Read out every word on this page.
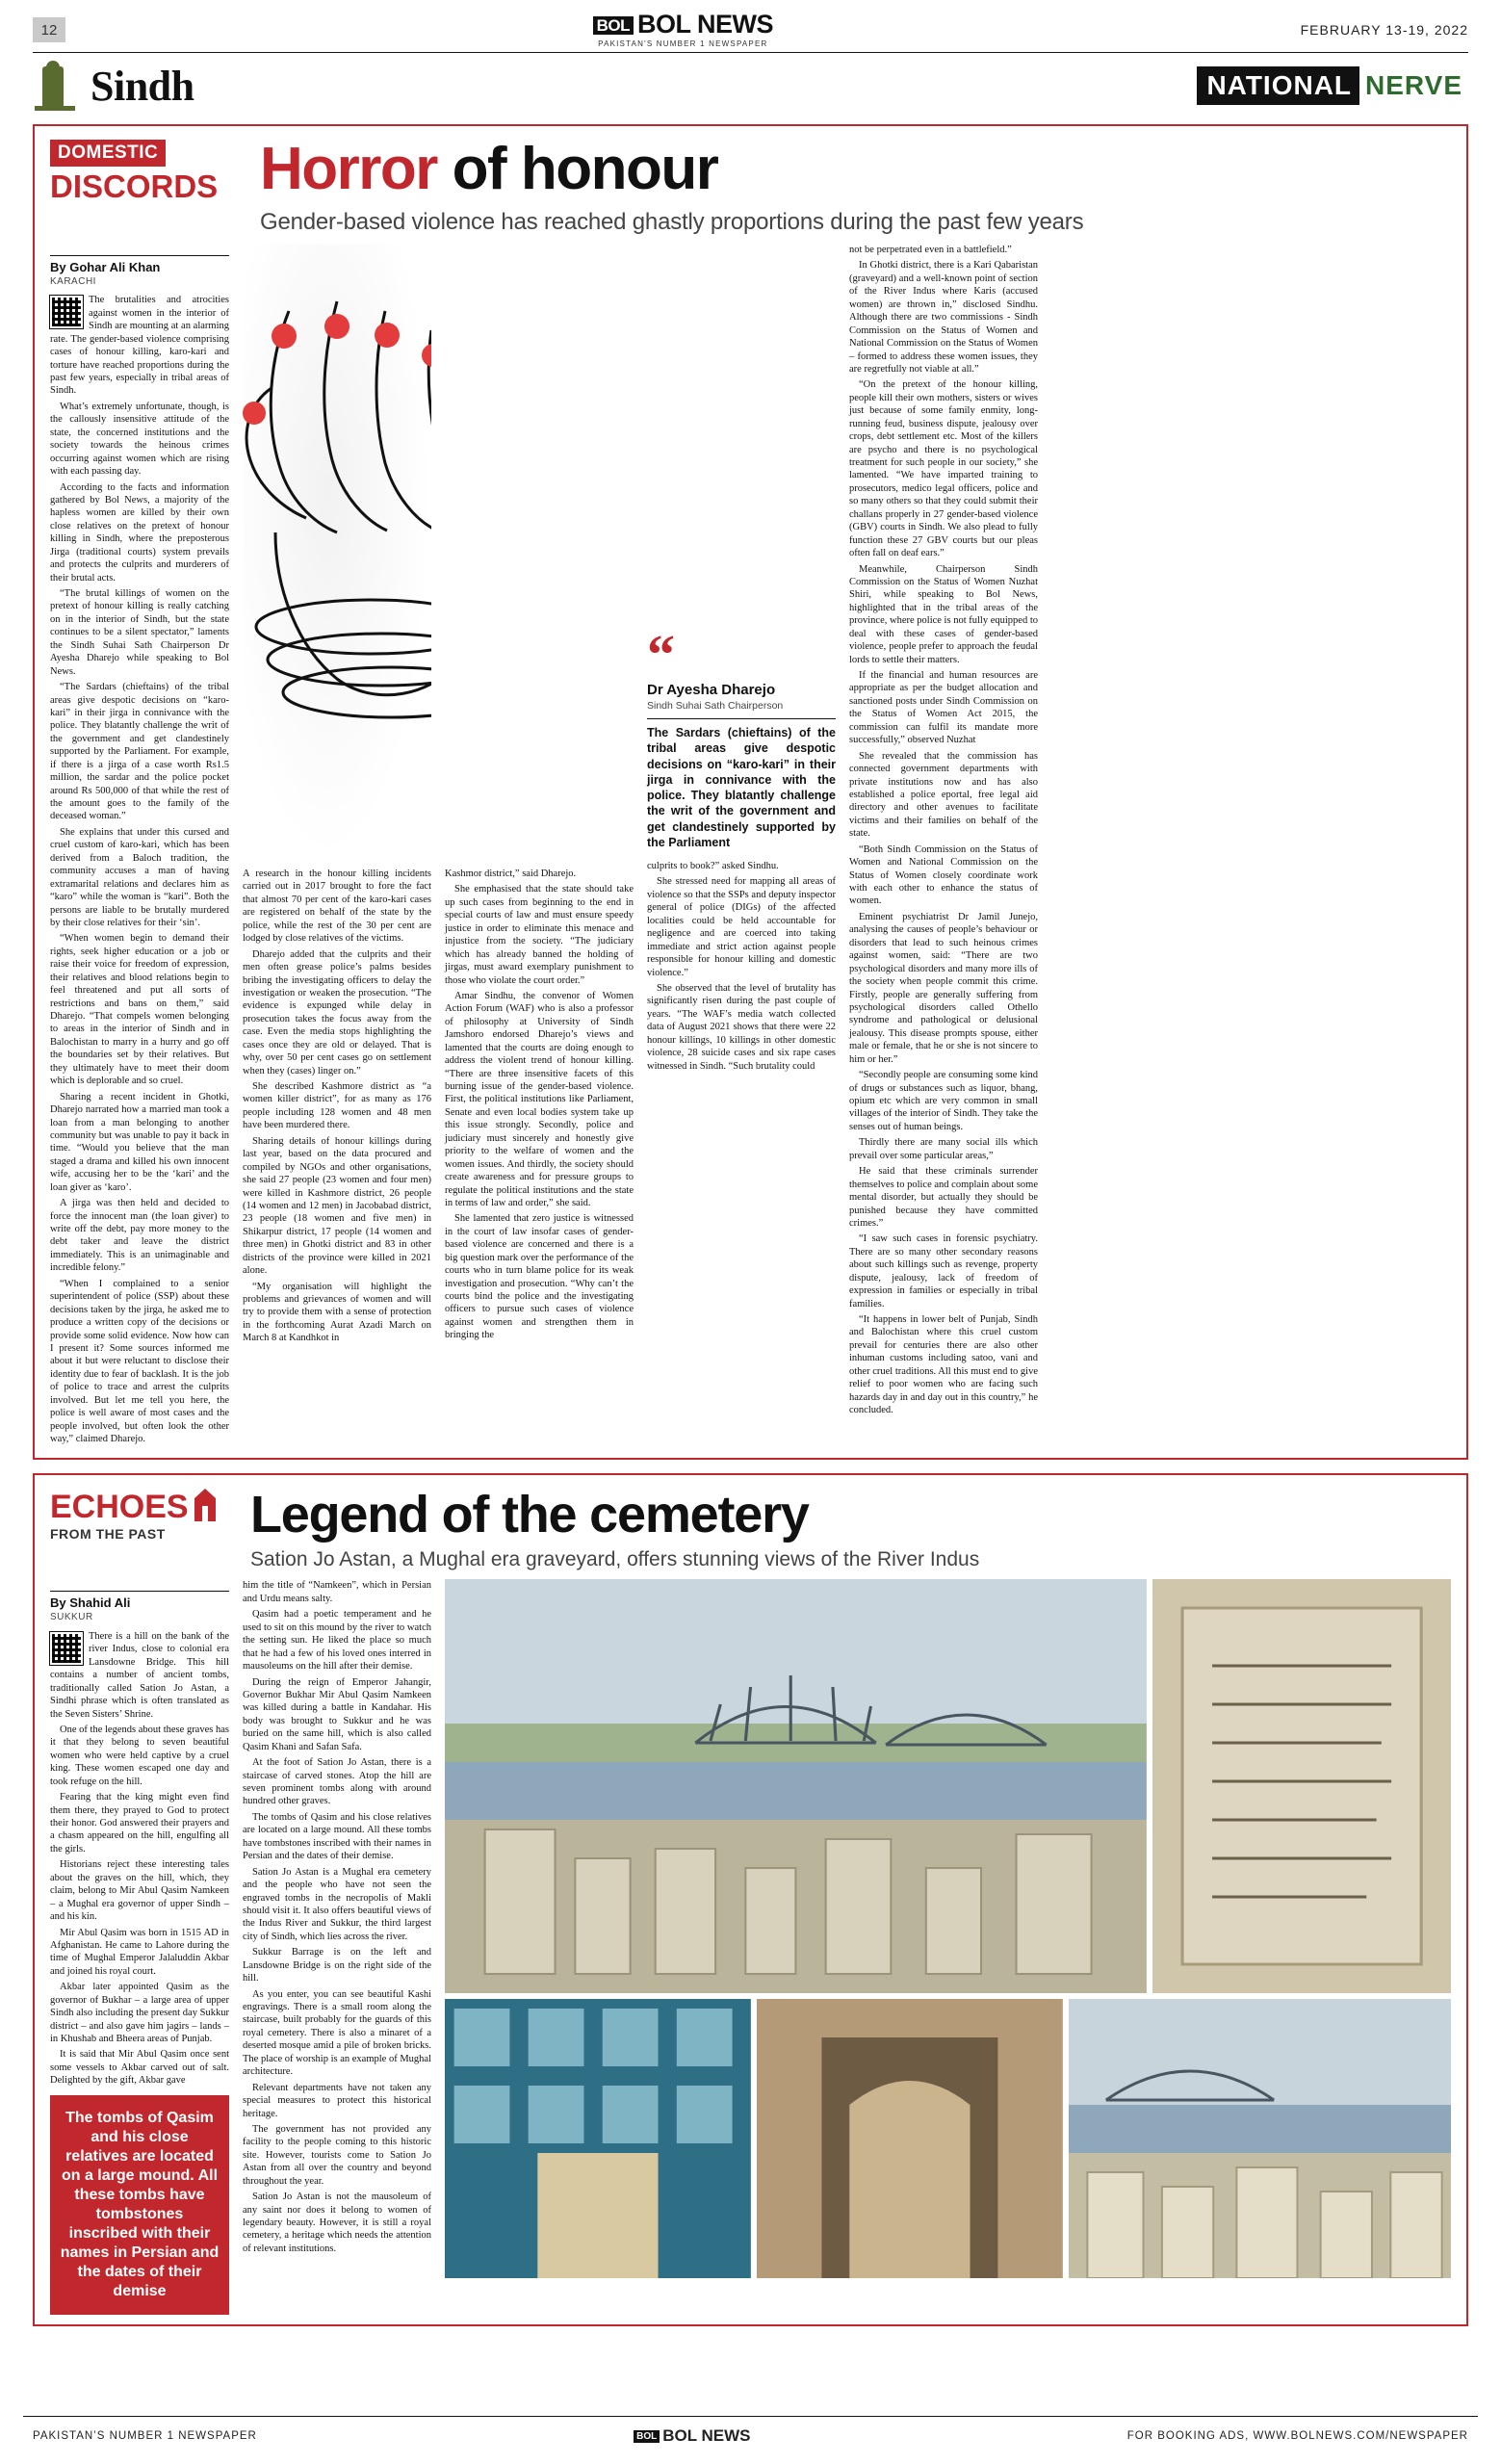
12	BOL BOL NEWS
PAKISTAN'S NUMBER 1 NEWSPAPER
FEBRUARY 13-19, 2022
Sindh	NATIONAL NERVE
DOMESTIC
DISCORDS Horror of honour
Gender-based violence has reached ghastly proportions during the past few years
By Gohar Ali Khan
KARACHI

The brutalities and atrocities against women in the interior of Sindh are mounting at an alarming rate. The gender-based violence comprising cases of honour killing, karo-kari and torture have reached proportions during the past few years, especially in tribal areas of Sindh.

What’s extremely unfortunate, though, is the callously insensitive attitude of the state, the concerned institutions and the society towards the heinous crimes occurring against women which are rising with each passing day.

According to the facts and information gathered by Bol News, a majority of the hapless women are killed by their own close relatives on the pretext of honour killing in Sindh, where the preposterous Jirga (traditional courts) system prevails and protects the culprits and murderers of their brutal acts.

“The brutal killings of women on the pretext of honour killing is really catching on in the interior of Sindh, but the state continues to be a silent spectator,” laments the Sindh Suhai Sath Chairperson Dr Ayesha Dharejo while speaking to Bol News.

“The Sardars (chieftains) of the tribal areas give despotic decisions on “karo- kari” in their jirga in connivance with the police. They blatantly challenge the writ of the government and get clandestinely supported by the Parliament. For example, if there is a jirga of a case worth Rs1.5 million, the sardar and the police pocket around Rs 500,000 of that while the rest of the amount goes to the family of the deceased woman.”

She explains that under this cursed and cruel custom of karo-kari, which has been derived from a Baloch tradition, the community accuses a man of having extramarital relations and declares him as “karo” while the woman is “kari”. Both the persons are liable to be brutally murdered by their close relatives for their ‘sin’.

“When women begin to demand their rights, seek higher education or a job or raise their voice for freedom of expression, their relatives and blood relations begin to feel threatened and put all sorts of restrictions and bans on them,” said Dharejo. “That compels women belonging to areas in the interior of Sindh and in Balochistan to marry in a hurry and go off the boundaries set by their relatives. But they ultimately have to meet their doom which is deplorable and so cruel.

Sharing a recent incident in Ghotki, Dharejo narrated how a married man took a loan from a man belonging to another community but was unable to pay it back in time. “Would you believe that the man staged a drama and killed his own innocent wife, accusing her to be the ‘kari’ and the loan giver as ‘karo’.

A jirga was then held and decided to force the innocent man (the loan giver) to write off the debt, pay more money to the debt taker and leave the district immediately. This is an unimaginable and incredible felony.”

“When I complained to a senior superintendent of police (SSP) about these decisions taken by the jirga, he asked me to produce a written copy of the decisions or provide some solid evidence. Now how can I present it? Some sources informed me about it but were reluctant to disclose their identity due to fear of backlash. It is the job of police to trace and arrest the culprits involved. But let me tell you here, the police is well aware of most cases and the people involved, but often look the other way,” claimed Dharejo.

A research in the honour killing incidents carried out in 2017 brought to fore the fact that almost 70 per cent of the karo-kari cases are registered on behalf of the state by the police, while the rest of the 30 per cent are lodged by close relatives of the victims.

Dharejo added that the culprits and their men often grease police’s palms besides bribing the investigating officers to delay the investigation or weaken the prosecution. “The evidence is expunged while delay in prosecution takes the focus away from the case. Even the media stops highlighting the cases once they are old or delayed. That is why, over 50 per cent cases go on settlement when they (cases) linger on.”

She described Kashmore district as “a women killer district”, for as many as 176 people including 128 women and 48 men have been murdered there.

Sharing details of honour killings during last year, based on the data procured and compiled by NGOs and other organisations, she said 27 people (23 women and four men) were killed in Kashmore district, 26 people (14 women and 12 men) in Jacobabad district, 23 people (18 women and five men) in Shikarpur district, 17 people (14 women and three men) in Ghotki district and 83 in other districts of the province were killed in 2021 alone.

“My organisation will highlight the problems and grievances of women and will try to provide them with a sense of protection in the forthcoming Aurat Azadi March on March 8 at Kandhkot in

Kashmor district,” said Dharejo.

She emphasised that the state should take up such cases from beginning to the end in special courts of law and must ensure speedy justice in order to eliminate this menace and injustice from the society. “The judiciary which has already banned the holding of jirgas, must award exemplary punishment to those who violate the court order.”

Amar Sindhu, the convenor of Women Action Forum (WAF) who is also a professor of philosophy at University of Sindh Jamshoro endorsed Dharejo’s views and lamented that the courts are doing enough to address the violent trend of honour killing. “There are three insensitive facets of this burning issue of the gender-based violence. First, the political institutions like Parliament, Senate and even local bodies system take up this issue strongly. Secondly, police and judiciary must sincerely and honestly give priority to the welfare of women and the women issues. And thirdly, the society should create awareness and for pressure groups to regulate the political institutions and the state in terms of law and order,” she said.

She lamented that zero justice is witnessed in the court of law insofar cases of gender-based violence are concerned and there is a big question mark over the performance of the courts who in turn blame police for its weak investigation and prosecution. “Why can’t the courts bind the police and the investigating officers to pursue such cases of violence against women and strengthen them in bringing the

“
Dr Ayesha Dharejo
Sindh Suhai Sath Chairperson
The Sardars (chieftains) of the tribal areas give despotic decisions on “karo-kari” in their jirga in connivance with the police. They blatantly challenge the writ of the government and get clandestinely supported by the Parliament

culprits to book?” asked Sindhu.

She stressed need for mapping all areas of violence so that the SSPs and deputy inspector general of police (DIGs) of the affected localities could be held accountable for negligence and are coerced into taking immediate and strict action against people responsible for honour killing and domestic violence.”

She observed that the level of brutality has significantly risen during the past couple of years. “The WAF’s media watch collected data of August 2021 shows that there were 22 honour killings, 10 killings in other domestic violence, 28 suicide cases and six rape cases witnessed in Sindh. “Such brutality could

not be perpetrated even in a battlefield.”

In Ghotki district, there is a Kari Qabaristan (graveyard) and a well-known point of section of the River Indus where Karis (accused women) are thrown in,” disclosed Sindhu. Although there are two commissions - Sindh Commission on the Status of Women and National Commission on the Status of Women – formed to address these women issues, they are regretfully not viable at all.”

“On the pretext of the honour killing, people kill their own mothers, sisters or wives just because of some family enmity, long-running feud, business dispute, jealousy over crops, debt settlement etc. Most of the killers are psycho and there is no psychological treatment for such people in our society,” she lamented. “We have imparted training to prosecutors, medico legal officers, police and so many others so that they could submit their challans properly in 27 gender-based violence (GBV) courts in Sindh. We also plead to fully function these 27 GBV courts but our pleas often fall on deaf ears.”

Meanwhile, Chairperson Sindh Commission on the Status of Women Nuzhat Shiri, while speaking to Bol News, highlighted that in the tribal areas of the province, where police is not fully equipped to deal with these cases of gender-based violence, people prefer to approach the feudal lords to settle their matters.

If the financial and human resources are appropriate as per the budget allocation and sanctioned posts under Sindh Commission on the Status of Women Act 2015, the commission can fulfil its mandate more successfully,” observed Nuzhat

She revealed that the commission has connected government departments with private institutions now and has also established a police eportal, free legal aid directory and other avenues to facilitate victims and their families on behalf of the state.

“Both Sindh Commission on the Status of Women and National Commission on the Status of Women closely coordinate work with each other to enhance the status of women.

Eminent psychiatrist Dr Jamil Junejo, analysing the causes of people’s behaviour or disorders that lead to such heinous crimes against women, said: “There are two psychological disorders and many more ills of the society when people commit this crime. Firstly, people are generally suffering from psychological disorders called Othello syndrome and pathological or delusional jealousy. This disease prompts spouse, either male or female, that he or she is not sincere to him or her.”

“Secondly people are consuming some kind of drugs or substances such as liquor, bhang, opium etc which are very common in small villages of the interior of Sindh. They take the senses out of human beings.

Thirdly there are many social ills which prevail over some particular areas,”

He said that these criminals surrender themselves to police and complain about some mental disorder, but actually they should be punished because they have committed crimes.”

“I saw such cases in forensic psychiatry. There are so many other secondary reasons about such killings such as revenge, property dispute, jealousy, lack of freedom of expression in families or especially in tribal families.

“It happens in lower belt of Punjab, Sindh and Balochistan where this cruel custom prevail for centuries there are also other inhuman customs including satoo, vani and other cruel traditions. All this must end to give relief to poor women who are facing such hazards day in and day out in this country,” he concluded.

ECHOES
FROM THE PAST	Legend of the cemetery
Sation Jo Astan, a Mughal era graveyard, offers stunning views of the River Indus
By Shahid Ali
SUKKUR

There is a hill on the bank of the river Indus, close to colonial era Lansdowne Bridge. This hill contains a number of ancient tombs, traditionally called Sation Jo Astan, a Sindhi phrase which is often translated as the Seven Sisters’ Shrine.

One of the legends about these graves has it that they belong to seven beautiful women who were held captive by a cruel king. These women escaped one day and took refuge on the hill.

Fearing that the king might even find them there, they prayed to God to protect their honor. God answered their prayers and a chasm appeared on the hill, engulfing all the girls.

Historians reject these interesting tales about the graves on the hill, which, they claim, belong to Mir Abul Qasim Namkeen – a Mughal era governor of upper Sindh – and his kin.

Mir Abul Qasim was born in 1515 AD in Afghanistan. He came to Lahore during the time of Mughal Emperor Jalaluddin Akbar and joined his royal court.

Akbar later appointed Qasim as the governor of Bukhar – a large area of upper Sindh also including the present day Sukkur district – and also gave him jagirs – lands – in Khushab and Bheera areas of Punjab.

It is said that Mir Abul Qasim once sent some vessels to Akbar carved out of salt. Delighted by the gift, Akbar gave

The tombs of Qasim and his close relatives are located on a large mound. All these tombs have tombstones inscribed with their names in Persian and the dates of their demise

him the title of “Namkeen”, which in Persian and Urdu means salty.

Qasim had a poetic temperament and he used to sit on this mound by the river to watch the setting sun. He liked the place so much that he had a few of his loved ones interred in mausoleums on the hill after their demise.

During the reign of Emperor Jahangir, Governor Bukhar Mir Abul Qasim Namkeen was killed during a battle in Kandahar. His body was brought to Sukkur and he was buried on the same hill, which is also called Qasim Khani and Safan Safa.

At the foot of Sation Jo Astan, there is a staircase of carved stones. Atop the hill are seven prominent tombs along with around hundred other graves.

The tombs of Qasim and his close relatives are located on a large mound. All these tombs have tombstones inscribed with their names in Persian and the dates of their demise.

Sation Jo Astan is a Mughal era cemetery and the people who have not seen the engraved tombs in the necropolis of Makli should visit it. It also offers beautiful views of the Indus River and Sukkur, the third largest city of Sindh, which lies across the river.

Sukkur Barrage is on the left and Lansdowne Bridge is on the right side of the hill.

As you enter, you can see beautiful Kashi engravings. There is a small room along the staircase, built probably for the guards of this royal cemetery. There is also a minaret of a deserted mosque amid a pile of broken bricks. The place of worship is an example of Mughal architecture.

Relevant departments have not taken any special measures to protect this historical heritage.

The government has not provided any facility to the people coming to this historic site. However, tourists come to Sation Jo Astan from all over the country and beyond throughout the year.

Sation Jo Astan is not the mausoleum of any saint nor does it belong to women of legendary beauty. However, it is still a royal cemetery, a heritage which needs the attention of relevant institutions.

PAKISTAN’S NUMBER 1 NEWSPAPER	BOL BOL NEWS	FOR BOOKING ADS, WWW.BOLNEWS.COM/NEWSPAPER
